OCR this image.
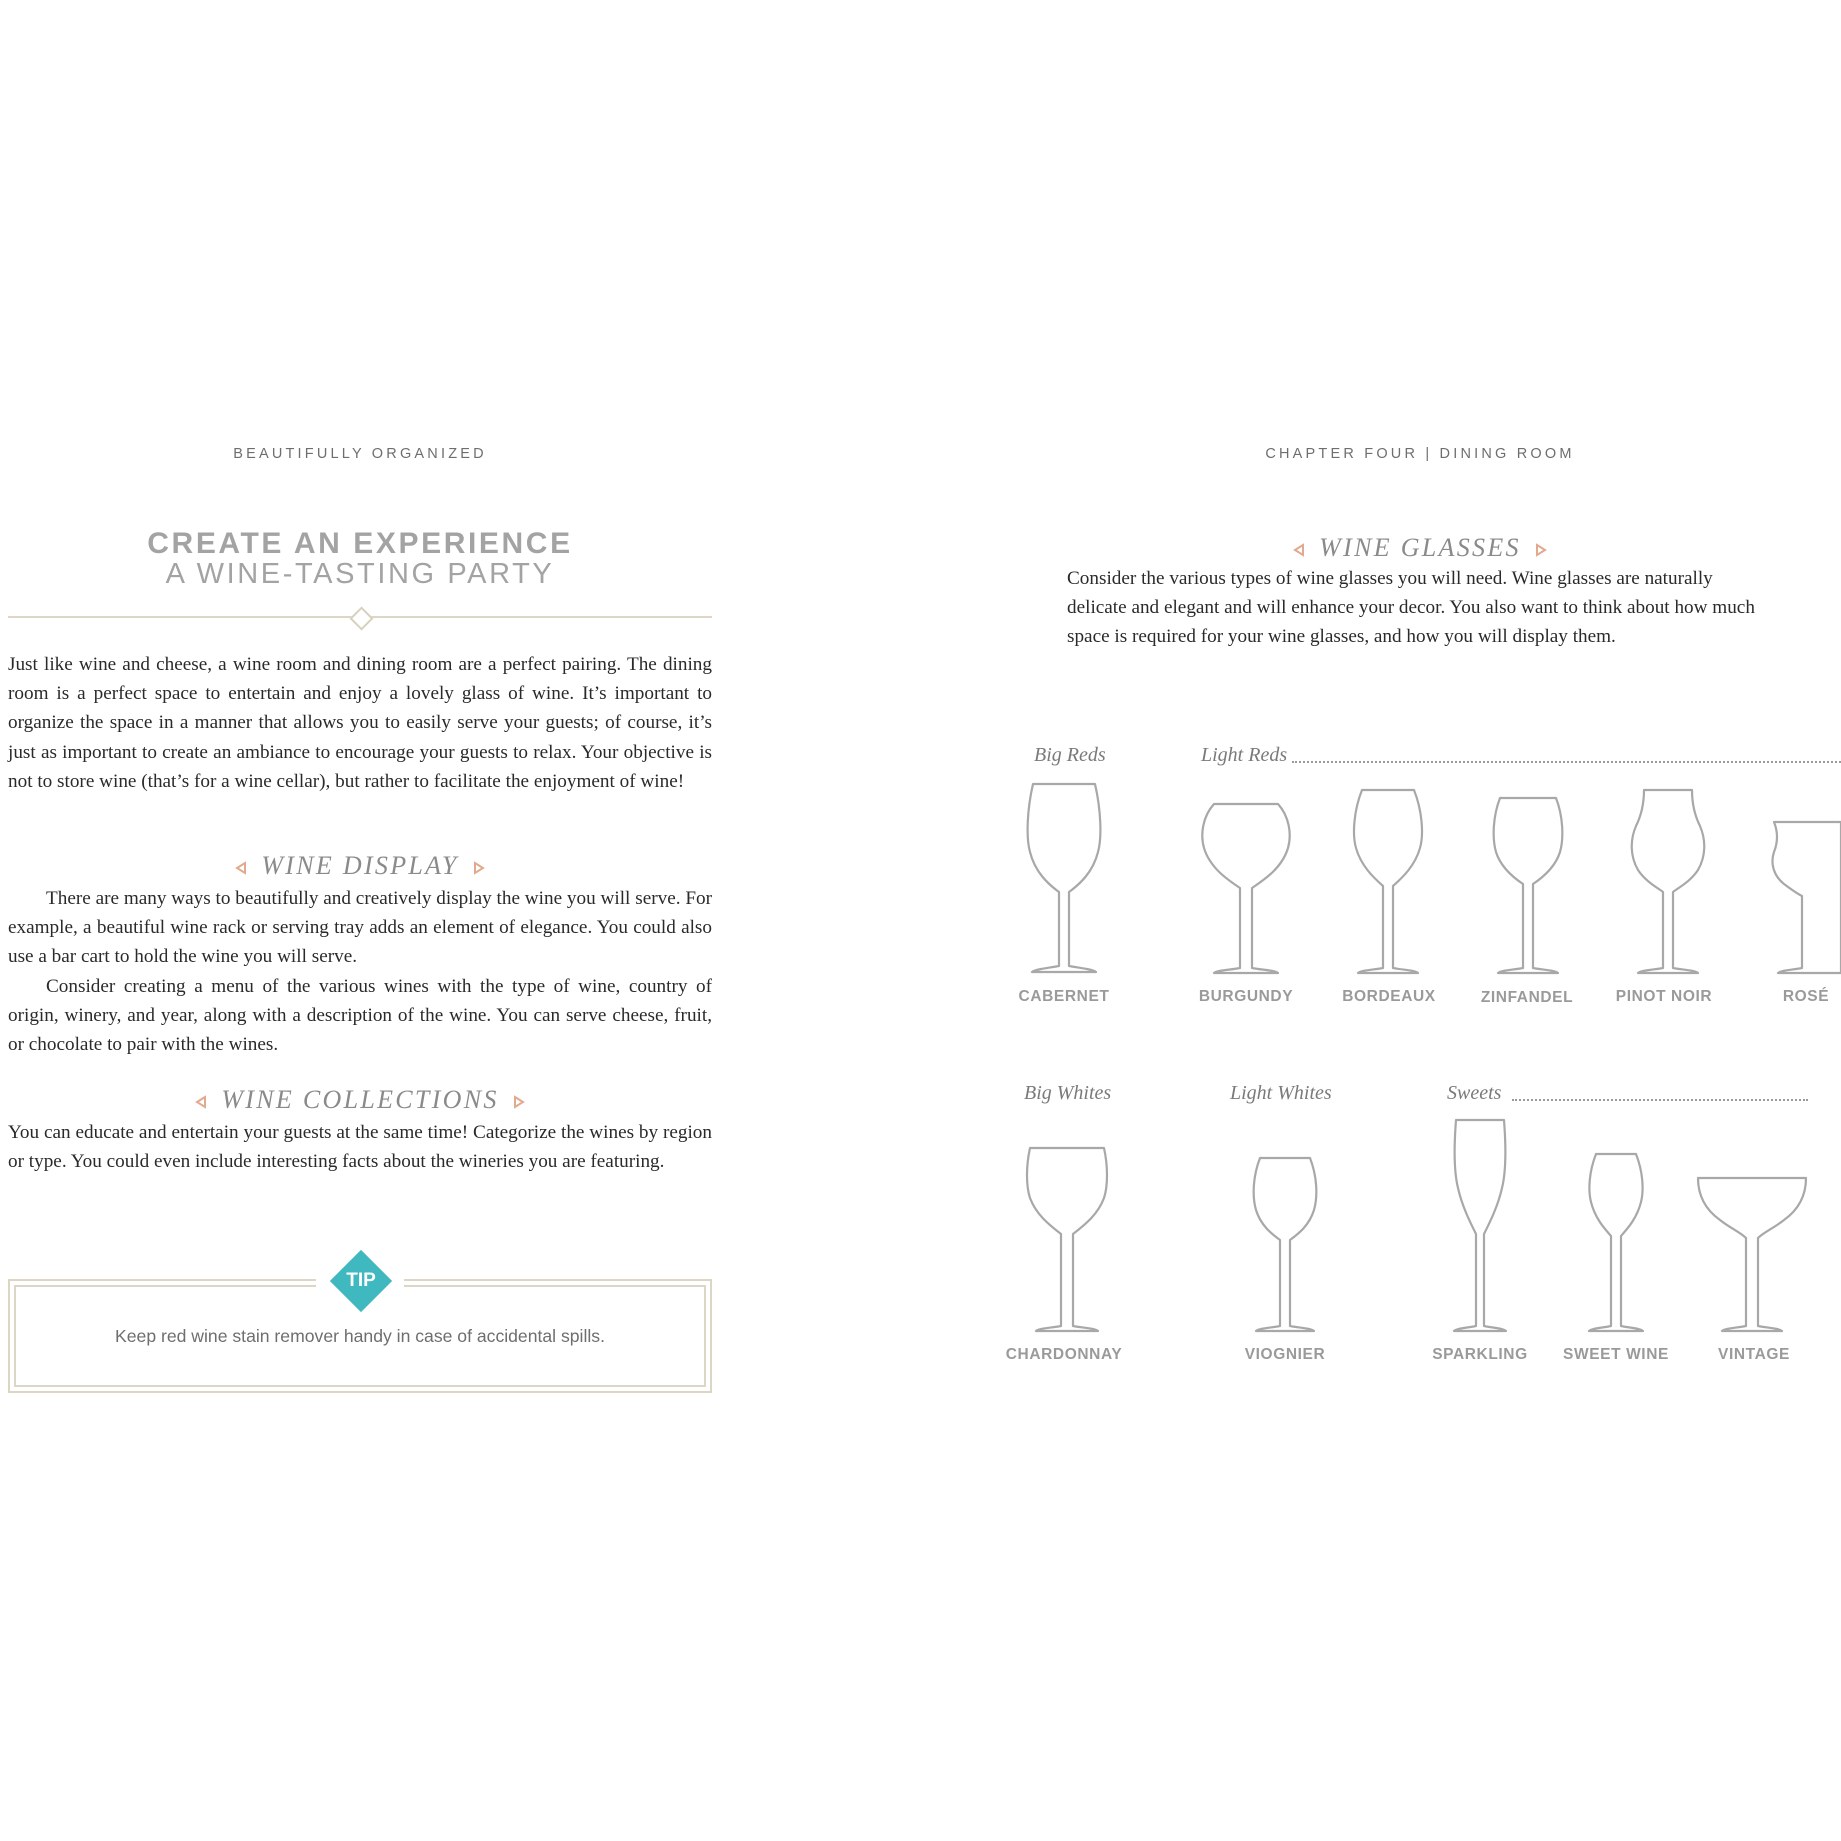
BEAUTIFULLY ORGANIZED
CREATE AN EXPERIENCE
A WINE-TASTING PARTY

Just like wine and cheese, a wine room and dining room are a perfect pairing. The dining room is a perfect space to entertain and enjoy a lovely glass of wine. It’s important to organize the space in a manner that allows you to easily serve your guests; of course, it’s just as important to create an ambiance to encourage your guests to relax. Your objective is not to store wine (that’s for a wine cellar), but rather to facilitate the enjoyment of wine!

WINE DISPLAY

There are many ways to beautifully and creatively display the wine you will serve. For example, a beautiful wine rack or serving tray adds an element of elegance. You could also use a bar cart to hold the wine you will serve.

Consider creating a menu of the various wines with the type of wine, country of origin, winery, and year, along with a description of the wine. You can serve cheese, fruit, or chocolate to pair with the wines.

WINE COLLECTIONS

You can educate and entertain your guests at the same time! Categorize the wines by region or type. You could even include interesting facts about the wineries you are featuring.

TIP
Keep red wine stain remover handy in case of accidental spills.
CHAPTER FOUR | DINING ROOM
WINE GLASSES

Consider the various types of wine glasses you will need. Wine glasses are naturally delicate and elegant and will enhance your decor. You also want to think about how much space is required for your wine glasses, and how you will display them.

Big Reds	Light Reds
CABERNET	BURGUNDY	BORDEAUX	ZINFANDEL	PINOT NOIR	ROSÉ
Big Whites	Light Whites	Sweets
CHARDONNAY	VIOGNIER	SPARKLING	SWEET WINE	VINTAGE
